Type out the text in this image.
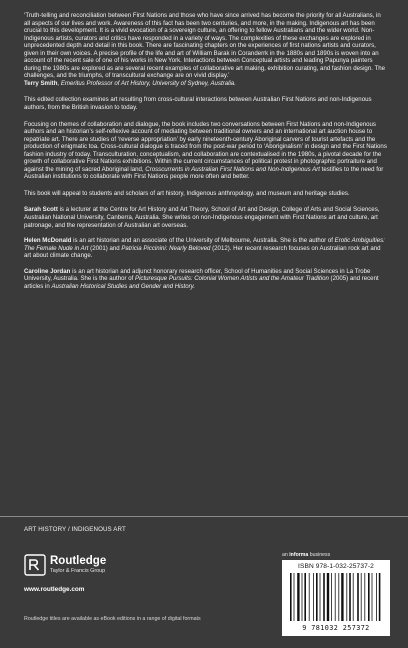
‘Truth-telling and reconciliation between First Nations and those who have since arrived has become the priority for all Australians, in all aspects of our lives and work. Awareness of this fact has been two centuries, and more, in the making. Indigenous art has been crucial to this development. It is a vivid evocation of a sovereign culture, an offering to fellow Australians and the wider world. Non-Indigenous artists, curators and critics have responded in a variety of ways. The complexities of these exchanges are explored in unprecedented depth and detail in this book. There are fascinating chapters on the experiences of first nations artists and curators, given in their own voices. A precise profile of the life and art of William Barak in Coranderrk in the 1880s and 1890s is woven into an account of the recent sale of one of his works in New York. Interactions between Conceptual artists and leading Papunya painters during the 1980s are explored as are several recent examples of collaborative art making, exhibition curating, and fashion design. The challenges, and the triumphs, of transcultural exchange are on vivid display.’
Terry Smith, Emeritus Professor of Art History, University of Sydney, Australia.

This edited collection examines art resulting from cross-cultural interactions between Australian First Nations and non-Indigenous authors, from the British invasion to today.

Focusing on themes of collaboration and dialogue, the book includes two conversations between First Nations and non-Indigenous authors and an historian’s self-reflexive account of mediating between traditional owners and an international art auction house to repatriate art. There are studies of ‘reverse appropriation’ by early nineteenth-century Aboriginal carvers of tourist artefacts and the production of enigmatic toa. Cross-cultural dialogue is traced from the post-war period to ‘Aboriginalism’ in design and the First Nations fashion industry of today. Transculturation, conceptualism, and collaboration are contextualised in the 1980s, a pivotal decade for the growth of collaborative First Nations exhibitions. Within the current circumstances of political protest in photographic portraiture and against the mining of sacred Aboriginal land, Crosscurrents in Australian First Nations and Non-Indigenous Art testifies to the need for Australian institutions to collaborate with First Nations people more often and better.

This book will appeal to students and scholars of art history, Indigenous anthropology, and museum and heritage studies.

Sarah Scott is a lecturer at the Centre for Art History and Art Theory, School of Art and Design, College of Arts and Social Sciences, Australian National University, Canberra, Australia. She writes on non-Indigenous engagement with First Nations art and culture, art patronage, and the representation of Australian art overseas.

Helen McDonald is an art historian and an associate of the University of Melbourne, Australia. She is the author of Erotic Ambiguities: The Female Nude in Art (2001) and Patricia Piccinini: Nearly Beloved (2012). Her recent research focuses on Australian rock art and art about climate change.

Caroline Jordan is an art historian and adjunct honorary research officer, School of Humanities and Social Sciences in La Trobe University, Australia. She is the author of Picturesque Pursuits: Colonial Women Artists and the Amateur Tradition (2005) and recent articles in Australian Historical Studies and Gender and History.

ART HISTORY / INDIGENOUS ART
Routledge
Taylor & Francis Group
www.routledge.com
Routledge titles are available as eBook editions in a range of digital formats
an informa business
ISBN 978-1-032-25737-2
9 781032 257372
